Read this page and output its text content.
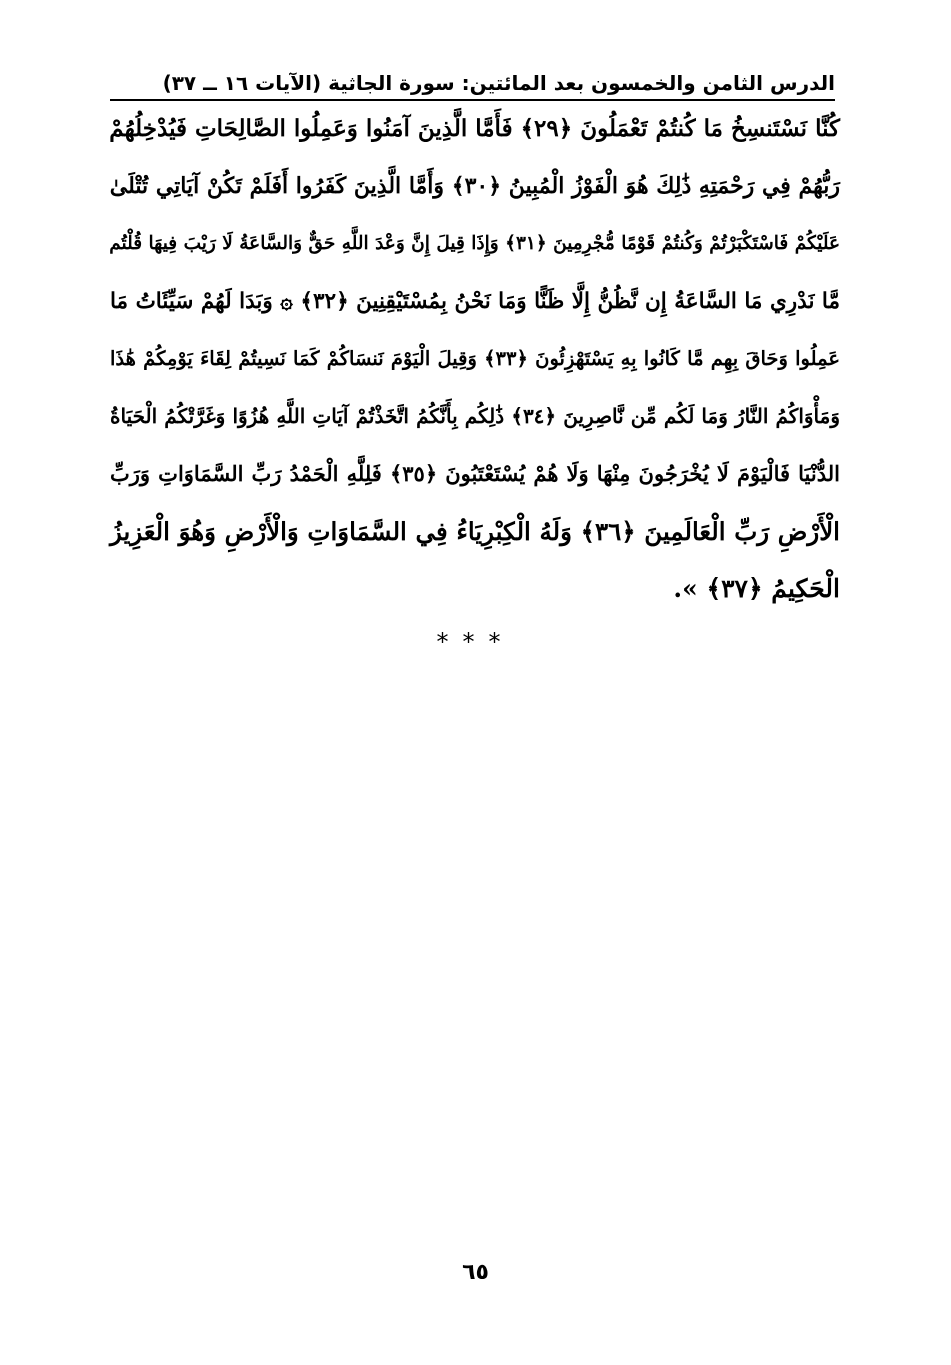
الدرس الثامن والخمسون بعد المائتين: سورة الجاثية (الآيات ١٦ ــ ٣٧)
كُنَّا نَسْتَنسِخُ مَا كُنتُمْ تَعْمَلُونَ ﴿٢٩﴾ فَأَمَّا الَّذِينَ آمَنُوا وَعَمِلُوا الصَّالِحَاتِ فَيُدْخِلُهُمْ
رَبُّهُمْ فِي رَحْمَتِهِ ذَٰلِكَ هُوَ الْفَوْزُ الْمُبِينُ ﴿٣٠﴾ وَأَمَّا الَّذِينَ كَفَرُوا أَفَلَمْ تَكُنْ آيَاتِي تُتْلَىٰ
عَلَيْكُمْ فَاسْتَكْبَرْتُمْ وَكُنتُمْ قَوْمًا مُّجْرِمِينَ ﴿٣١﴾ وَإِذَا قِيلَ إِنَّ وَعْدَ اللَّهِ حَقٌّ وَالسَّاعَةُ لَا رَيْبَ فِيهَا قُلْتُم
مَّا نَدْرِي مَا السَّاعَةُ إِن نَّظُنُّ إِلَّا ظَنًّا وَمَا نَحْنُ بِمُسْتَيْقِنِينَ ﴿٣٢﴾ ۞ وَبَدَا لَهُمْ سَيِّئَاتُ مَا
عَمِلُوا وَحَاقَ بِهِم مَّا كَانُوا بِهِ يَسْتَهْزِئُونَ ﴿٣٣﴾ وَقِيلَ الْيَوْمَ نَنسَاكُمْ كَمَا نَسِيتُمْ لِقَاءَ يَوْمِكُمْ هَٰذَا
وَمَأْوَاكُمُ النَّارُ وَمَا لَكُم مِّن نَّاصِرِينَ ﴿٣٤﴾ ذَٰلِكُم بِأَنَّكُمُ اتَّخَذْتُمْ آيَاتِ اللَّهِ هُزُوًا وَغَرَّتْكُمُ الْحَيَاةُ
الدُّنْيَا فَالْيَوْمَ لَا يُخْرَجُونَ مِنْهَا وَلَا هُمْ يُسْتَعْتَبُونَ ﴿٣٥﴾ فَلِلَّهِ الْحَمْدُ رَبِّ السَّمَاوَاتِ وَرَبِّ
الْأَرْضِ رَبِّ الْعَالَمِينَ ﴿٣٦﴾ وَلَهُ الْكِبْرِيَاءُ فِي السَّمَاوَاتِ وَالْأَرْضِ وَهُوَ الْعَزِيزُ
الْحَكِيمُ ﴿٣٧﴾ ».
***
٦٥
